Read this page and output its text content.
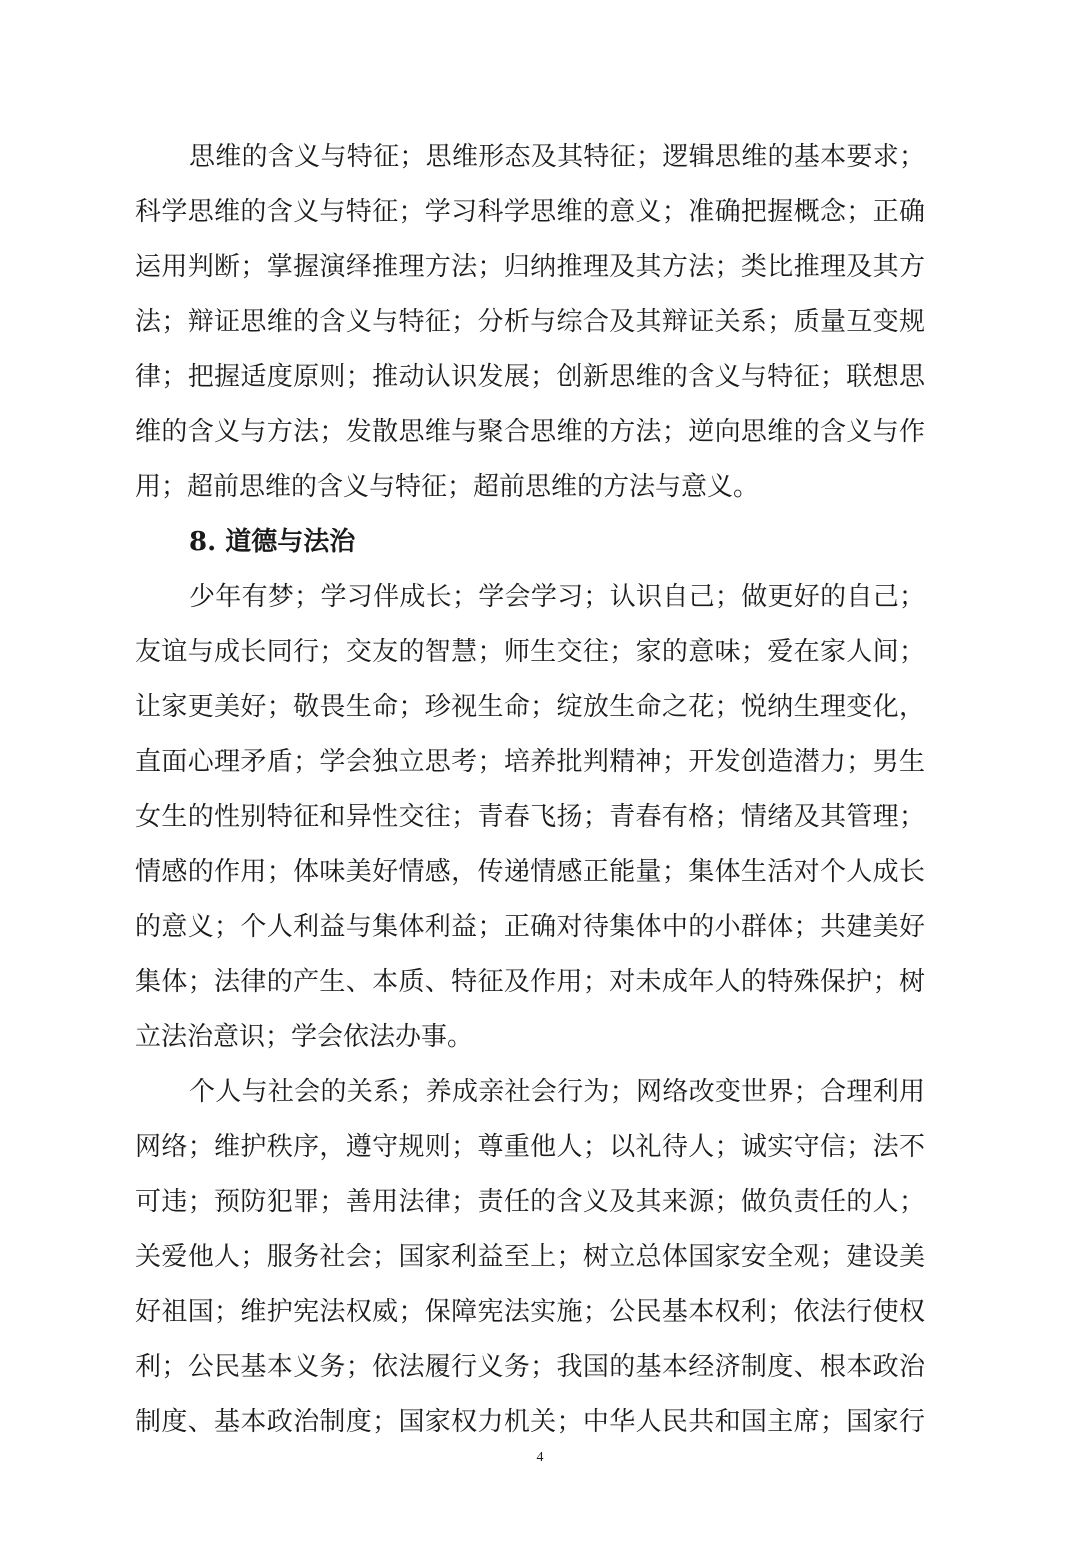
思维的含义与特征；思维形态及其特征；逻辑思维的基本要求；
科学思维的含义与特征；学习科学思维的意义；准确把握概念；正确
运用判断；掌握演绎推理方法；归纳推理及其方法；类比推理及其方
法；辩证思维的含义与特征；分析与综合及其辩证关系；质量互变规
律；把握适度原则；推动认识发展；创新思维的含义与特征；联想思
维的含义与方法；发散思维与聚合思维的方法；逆向思维的含义与作
用；超前思维的含义与特征；超前思维的方法与意义。
8. 道德与法治
少年有梦；学习伴成长；学会学习；认识自己；做更好的自己；
友谊与成长同行；交友的智慧；师生交往；家的意味；爱在家人间；
让家更美好；敬畏生命；珍视生命；绽放生命之花；悦纳生理变化，
直面心理矛盾；学会独立思考；培养批判精神；开发创造潜力；男生
女生的性别特征和异性交往；青春飞扬；青春有格；情绪及其管理；
情感的作用；体味美好情感，传递情感正能量；集体生活对个人成长
的意义；个人利益与集体利益；正确对待集体中的小群体；共建美好
集体；法律的产生、本质、特征及作用；对未成年人的特殊保护；树
立法治意识；学会依法办事。
个人与社会的关系；养成亲社会行为；网络改变世界；合理利用
网络；维护秩序，遵守规则；尊重他人；以礼待人；诚实守信；法不
可违；预防犯罪；善用法律；责任的含义及其来源；做负责任的人；
关爱他人；服务社会；国家利益至上；树立总体国家安全观；建设美
好祖国；维护宪法权威；保障宪法实施；公民基本权利；依法行使权
利；公民基本义务；依法履行义务；我国的基本经济制度、根本政治
制度、基本政治制度；国家权力机关；中华人民共和国主席；国家行
4
